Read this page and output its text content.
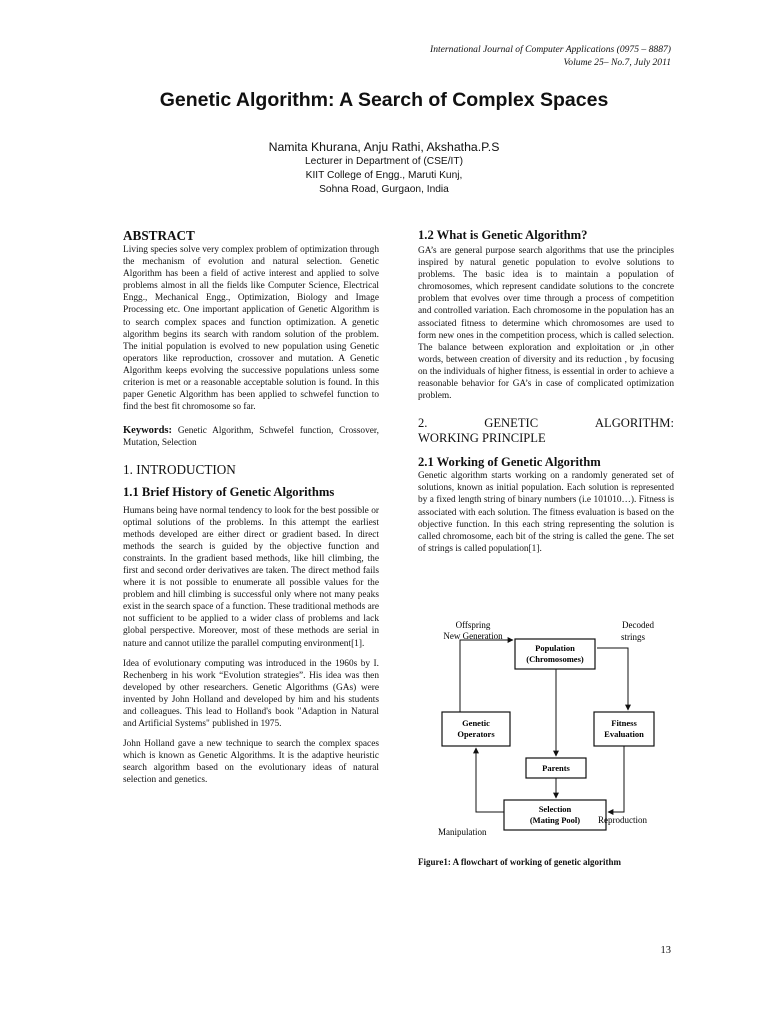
International Journal of Computer Applications (0975 – 8887)
Volume 25– No.7, July 2011
Genetic Algorithm: A Search of Complex Spaces
Namita Khurana, Anju Rathi, Akshatha.P.S
Lecturer in Department of (CSE/IT)
KIIT College of Engg., Maruti Kunj,
Sohna Road, Gurgaon, India
ABSTRACT

Living species solve very complex problem of optimization through the mechanism of evolution and natural selection. Genetic Algorithm has been a field of active interest and applied to solve problems almost in all the fields like Computer Science, Electrical Engg., Mechanical Engg., Optimization, Biology and Image Processing etc. One important application of Genetic Algorithm is to search complex spaces and function optimization. A genetic algorithm begins its search with random solution of the problem. The initial population is evolved to new population using Genetic operators like reproduction, crossover and mutation. A Genetic Algorithm keeps evolving the successive populations unless some criterion is met or a reasonable acceptable solution is found. In this paper Genetic Algorithm has been applied to schwefel function to find the best fit chromosome so far.

Keywords: Genetic Algorithm, Schwefel function, Crossover, Mutation, Selection

1. INTRODUCTION
1.1 Brief History of Genetic Algorithms

Humans being have normal tendency to look for the best possible or optimal solutions of the problems. In this attempt the earliest methods developed are either direct or gradient based. In direct methods the search is guided by the objective function and constraints. In the gradient based methods, like hill climbing, the first and second order derivatives are taken. The direct method fails where it is not possible to enumerate all possible values for the problem and hill climbing is successful only where not many peaks exist in the search space of a function. These traditional methods are not sufficient to be applied to a wider class of problems and lack global perspective. Moreover, most of these methods are serial in nature and cannot utilize the parallel computing environment[1].

Idea of evolutionary computing was introduced in the 1960s by I. Rechenberg in his work “Evolution strategies”. His idea was then developed by other researchers. Genetic Algorithms (GAs) were invented by John Holland and developed by him and his students and colleagues. This lead to Holland's book "Adaption in Natural and Artificial Systems" published in 1975.

John Holland gave a new technique to search the complex spaces which is known as Genetic Algorithms. It is the adaptive heuristic search algorithm based on the evolutionary ideas of natural selection and genetics.

1.2 What is Genetic Algorithm?

GA’s are general purpose search algorithms that use the principles inspired by natural genetic population to evolve solutions to problems. The basic idea is to maintain a population of chromosomes, which represent candidate solutions to the concrete problem that evolves over time through a process of competition and controlled variation. Each chromosome in the population has an associated fitness to determine which chromosomes are used to form new ones in the competition process, which is called selection. The balance between exploration and exploitation or ,in other words, between creation of diversity and its reduction , by focusing on the individuals of higher fitness, is essential in order to achieve a reasonable behavior for GA’s in case of complicated optimization problem.

2.	GENETIC	ALGORITHM:
WORKING PRINCIPLE
2.1 Working of Genetic Algorithm

Genetic algorithm starts working on a randomly generated set of solutions, known as initial population. Each solution is represented by a fixed length string of binary numbers (i.e 101010…). Fitness is associated with each solution. The fitness evaluation is based on the objective function. In this each string representing the solution is called chromosome, each bit of the string is called the gene. The set of strings is called population[1].

Population
(Chromosomes)
Genetic
Operators
Fitness
Evaluation
Parents
Selection
(Mating Pool)
Offspring
New Generation
Decoded
strings
Manipulation
Reproduction
Figure1: A flowchart of working of genetic algorithm
13
